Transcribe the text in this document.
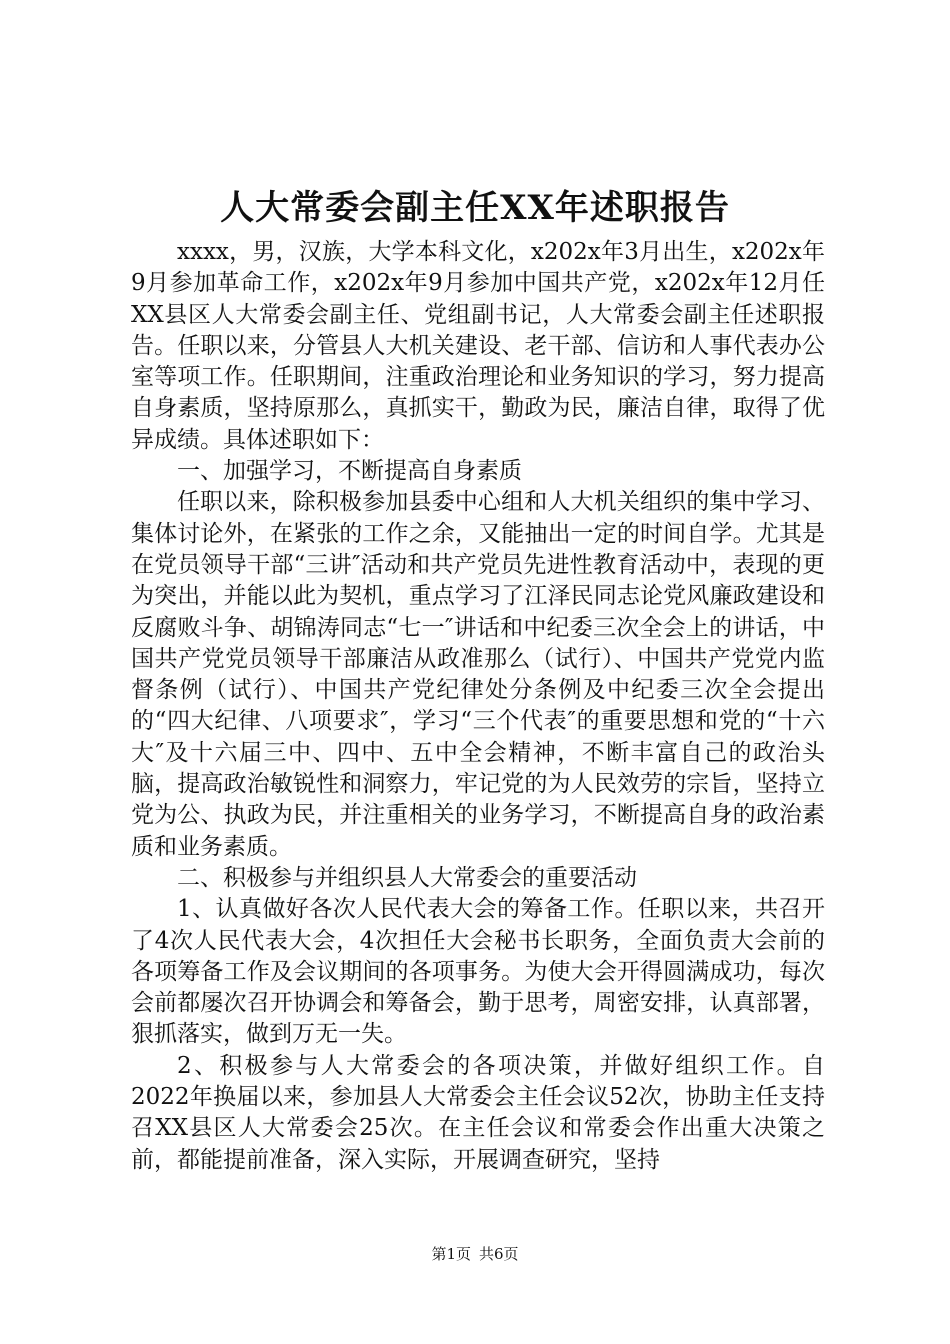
人大常委会副主任XX年述职报告

xxxx，男，汉族，大学本科文化，x202x年3月出生，x202x年9月参加革命工作，x202x年9月参加中国共产党，x202x年12月任XX县区人大常委会副主任、党组副书记，人大常委会副主任述职报告。任职以来，分管县人大机关建设、老干部、信访和人事代表办公室等项工作。任职期间，注重政治理论和业务知识的学习，努力提高自身素质，坚持原那么，真抓实干，勤政为民，廉洁自律，取得了优异成绩。具体述职如下：

一、加强学习，不断提高自身素质

任职以来，除积极参加县委中心组和人大机关组织的集中学习、集体讨论外，在紧张的工作之余，又能抽出一定的时间自学。尤其是在党员领导干部“三讲″活动和共产党员先进性教育活动中，表现的更为突出，并能以此为契机，重点学习了江泽民同志论党风廉政建设和反腐败斗争、胡锦涛同志“七一″讲话和中纪委三次全会上的讲话，中国共产党党员领导干部廉洁从政准那么（试行）、中国共产党党内监督条例（试行）、中国共产党纪律处分条例及中纪委三次全会提出的“四大纪律、八项要求″，学习“三个代表″的重要思想和党的“十六大″及十六届三中、四中、五中全会精神，不断丰富自己的政治头脑，提高政治敏锐性和洞察力，牢记党的为人民效劳的宗旨，坚持立党为公、执政为民，并注重相关的业务学习，不断提高自身的政治素质和业务素质。

二、积极参与并组织县人大常委会的重要活动

1、认真做好各次人民代表大会的筹备工作。任职以来，共召开了4次人民代表大会，4次担任大会秘书长职务，全面负责大会前的各项筹备工作及会议期间的各项事务。为使大会开得圆满成功，每次会前都屡次召开协调会和筹备会，勤于思考，周密安排，认真部署，狠抓落实，做到万无一失。

2、积极参与人大常委会的各项决策，并做好组织工作。自2022年换届以来，参加县人大常委会主任会议52次，协助主任支持召XX县区人大常委会25次。在主任会议和常委会作出重大决策之前，都能提前准备，深入实际，开展调查研究，坚持

第1页 共6页
